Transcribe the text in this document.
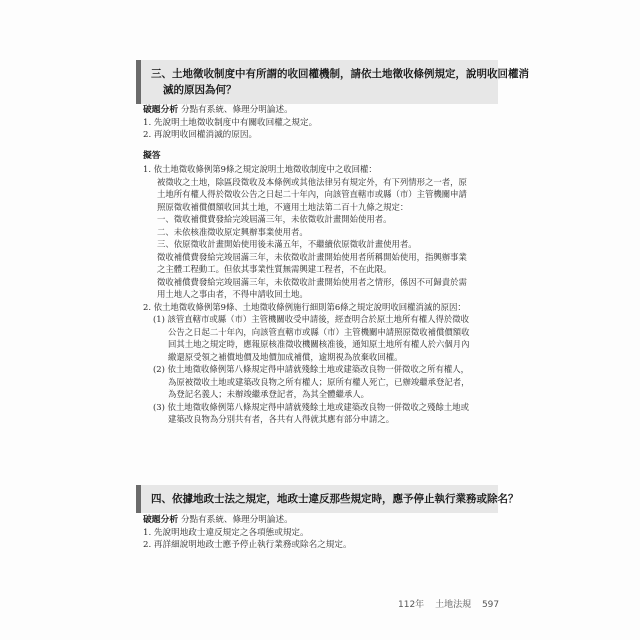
三、土地徵收制度中有所謂的收回權機制，請依土地徵收條例規定，說明收回權消
滅的原因為何？
破題分析 分點有系統、條理分明論述。
1. 先說明土地徵收制度中有關收回權之規定。
2. 再說明收回權消滅的原因。
擬答
1. 依土地徵收條例第9條之規定說明土地徵收制度中之收回權：
被徵收之土地，除區段徵收及本條例或其他法律另有規定外，有下列情形之一者，原
土地所有權人得於徵收公告之日起二十年內，向該管直轄市或縣（市）主管機關申請
照原徵收補償價額收回其土地，不適用土地法第二百十九條之規定：
一、徵收補償費發給完竣屆滿三年，未依徵收計畫開始使用者。
二、未依核准徵收原定興辦事業使用者。
三、依原徵收計畫開始使用後未滿五年，不繼續依原徵收計畫使用者。
徵收補償費發給完竣屆滿三年，未依徵收計畫開始使用者所稱開始使用，指興辦事業
之主體工程動工。但依其事業性質無需興建工程者，不在此限。
徵收補償費發給完竣屆滿三年，未依徵收計畫開始使用者之情形，係因不可歸責於需
用土地人之事由者，不得申請收回土地。
2. 依土地徵收條例第9條、土地徵收條例施行細則第6條之規定說明收回權消滅的原因：
(1) 該管直轄市或縣（市）主管機關收受申請後，經查明合於原土地所有權人得於徵收
公告之日起二十年內，向該管直轄市或縣（市）主管機關申請照原徵收補償價額收
回其土地之規定時，應報原核准徵收機關核准後，通知原土地所有權人於六個月內
繳還原受領之補償地價及地價加成補償，逾期視為放棄收回權。
(2) 依土地徵收條例第八條規定得申請就殘餘土地或建築改良物一併徵收之所有權人，
為原被徵收土地或建築改良物之所有權人；原所有權人死亡，已辦竣繼承登記者，
為登記名義人；未辦竣繼承登記者，為其全體繼承人。
(3) 依土地徵收條例第八條規定得申請就殘餘土地或建築改良物一併徵收之殘餘土地或
建築改良物為分別共有者，各共有人得就其應有部分申請之。
四、依據地政士法之規定，地政士違反那些規定時，應予停止執行業務或除名？
破題分析 分點有系統、條理分明論述。
1. 先說明地政士違反規定之各項態或規定。
2. 再詳細說明地政士應予停止執行業務或除名之規定。
112年 土地法規 597
